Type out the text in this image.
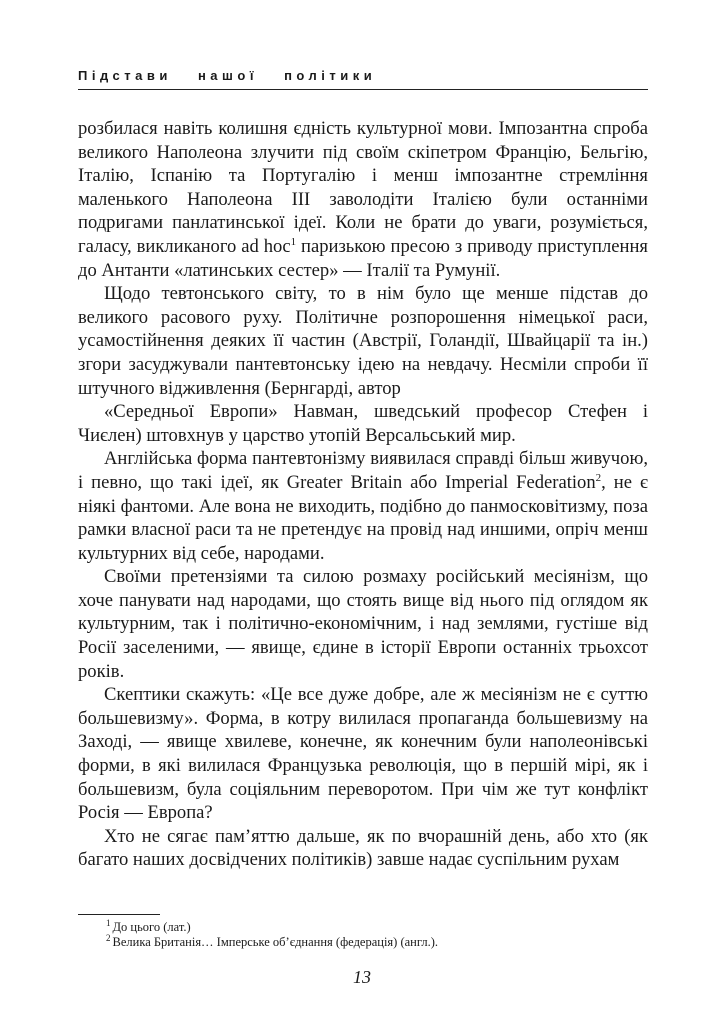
Підстави нашої політики

розбилася навіть колишня єдність культурної мови. Імпозантна спроба великого Наполеона злучити під своїм скіпетром Францію, Бельгію, Італію, Іспанію та Португалію і менш імпозантне стремління маленького Наполеона III заволодіти Італією були останніми подригами панлатинської ідеї. Коли не брати до уваги, розуміється, галасу, викликаного ad hoc$^1$ паризькою пресою з приводу приступлення до Антанти «латинських сестер» — Італії та Румунії.

Щодо тевтонського світу, то в нім було ще менше підстав до великого расового руху. Політичне розпорошення німецької раси, усамостійнення деяких її частин (Австрії, Голандії, Швайцарії та ін.) згори засуджували пантевтонську ідею на невдачу. Несміли спроби її штучного відживлення (Бернгарді, автор

«Середньої Европи» Навман, шведський професор Стефен і Чиєлен) штовхнув у царство утопій Версальський мир.

Англійська форма пантевтонізму виявилася справді більш живучою, і певно, що такі ідеї, як Greater Britain або Imperial Federation$^2$, не є ніякі фантоми. Але вона не виходить, подібно до панмосковітизму, поза рамки власної раси та не претендує на провід над иншими, опріч менш культурних від себе, народами.

Своїми претензіями та силою розмаху російський месіянізм, що хоче панувати над народами, що стоять вище від нього під оглядом як культурним, так і політично-економічним, і над землями, густіше від Росії заселеними, — явище, єдине в історії Европи останніх трьохсот років.

Скептики скажуть: «Це все дуже добре, але ж месіянізм не є суттю большевизму». Форма, в котру вилилася пропаганда большевизму на Заході, — явище хвилеве, конечне, як конечним були наполеонівські форми, в які вилилася Французька революція, що в першій мірі, як і большевизм, була соціяльним переворотом. При чім же тут конфлікт Росія — Европа?

Хто не сягає пам’яттю дальше, як по вчорашній день, або хто (як багато наших досвідчених політиків) завше надає суспільним рухам

$^1$ До цього (лат.)
$^2$ Велика Британія… Імперське об’єднання (федерація) (англ.).
13
